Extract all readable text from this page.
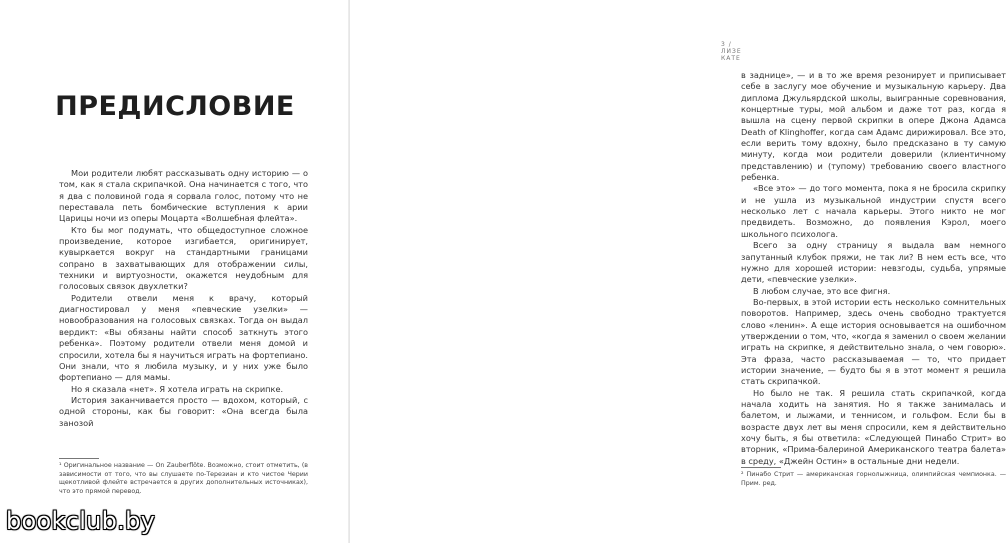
ПРЕДИСЛОВИЕ

Мои родители любят рассказывать одну историю — о том, как я стала скрипачкой. Она начинается с того, что я два с половиной года я сорвала голос, потому что не переставала петь бомбические вступления к арии Царицы ночи из оперы Моцарта «Волшебная флейта».

Кто бы мог подумать, что общедоступное сложное произведение, которое изгибается, оригинирует, кувыркается вокруг на стандартными границами сопрано в захватывающих для отображении силы, техники и виртуозности, окажется неудобным для голосовых связок двухлетки?

Родители отвели меня к врачу, который диагностировал у меня «певческие узелки» — новообразования на голосовых связках. Тогда он выдал вердикт: «Вы обязаны найти способ заткнуть этого ребенка». Поэтому родители отвели меня домой и спросили, хотела бы я научиться играть на фортепиано. Они знали, что я любила музыку, и у них уже было фортепиано — для мамы.

Но я сказала «нет». Я хотела играть на скрипке.

История заканчивается просто — вдохом, который, с одной стороны, как бы говорит: «Она всегда была занозой

¹ Оригинальное название — On Zauberflöte. Возможно, стоит отметить, (в зависимости от того, что вы слушаете по-Терезиан и кто чистое Черии щекотливой флейте встречается в других дополнительных источниках), что это прямой перевод.

3 / ЛИЗЕ КАТЕ

в заднице», — и в то же время резонирует и приписывает себе в заслугу мое обучение и музыкальную карьеру. Два диплома Джульярдской школы, выигранные соревнования, концертные туры, мой альбом и даже тот раз, когда я вышла на сцену первой скрипки в опере Джона Адамса Death of Klinghoffer, когда сам Адамс дирижировал. Все это, если верить тому вдохну, было предсказано в ту самую минуту, когда мои родители доверили (клиентичному представлению) и (тупому) требованию своего властного ребенка.

«Все это» — до того момента, пока я не бросила скрипку и не ушла из музыкальной индустрии спустя всего несколько лет с начала карьеры. Этого никто не мог предвидеть. Возможно, до появления Кэрол, моего школьного психолога.

Всего за одну страницу я выдала вам немного запутанный клубок пряжи, не так ли? В нем есть все, что нужно для хорошей истории: невзгоды, судьба, упрямые дети, «певческие узелки».

В любом случае, это все фигня.

Во-первых, в этой истории есть несколько сомнительных поворотов. Например, здесь очень свободно трактуется слово «ленин». А еще история основывается на ошибочном утверждении о том, что, «когда я заменил о своем желании играть на скрипке, я действительно знала, о чем говорю». Эта фраза, часто рассказываемая — то, что придает истории значение, — будто бы я в этот момент я решила стать скрипачкой.

Но было не так. Я решила стать скрипачкой, когда начала ходить на занятия. Но я также занималась и балетом, и лыжами, и теннисом, и гольфом. Если бы в возрасте двух лет вы меня спросили, кем я действительно хочу быть, я бы ответила: «Следующей Пинабо Стрит» во вторник, «Прима-балериной Американского театра балета» в среду, «Джейн Остин» в остальные дни недели.

² Пинабо Стрит — американская горнолыжница, олимпийская чемпионка. — Прим. ред.

bookclub.by
